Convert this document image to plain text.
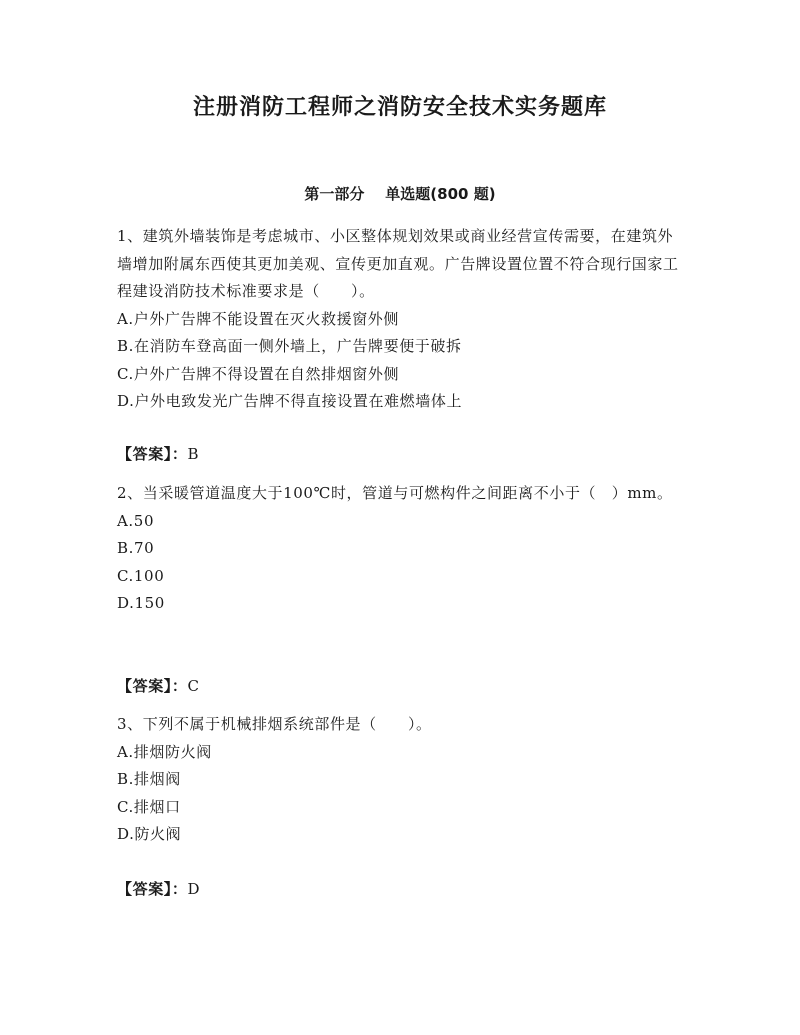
注册消防工程师之消防安全技术实务题库
第一部分    单选题(800 题)

1、建筑外墙装饰是考虑城市、小区整体规划效果或商业经营宣传需要，在建筑外墙增加附属东西使其更加美观、宣传更加直观。广告牌设置位置不符合现行国家工程建设消防技术标准要求是（　　）。

A.户外广告牌不能设置在灭火救援窗外侧

B.在消防车登高面一侧外墙上，广告牌要便于破拆

C.户外广告牌不得设置在自然排烟窗外侧

D.户外电致发光广告牌不得直接设置在难燃墙体上

【答案】：B

2、当采暖管道温度大于100℃时，管道与可燃构件之间距离不小于（　）mm。

A.50

B.70

C.100

D.150

【答案】：C

3、下列不属于机械排烟系统部件是（　　）。

A.排烟防火阀

B.排烟阀

C.排烟口

D.防火阀

【答案】：D
